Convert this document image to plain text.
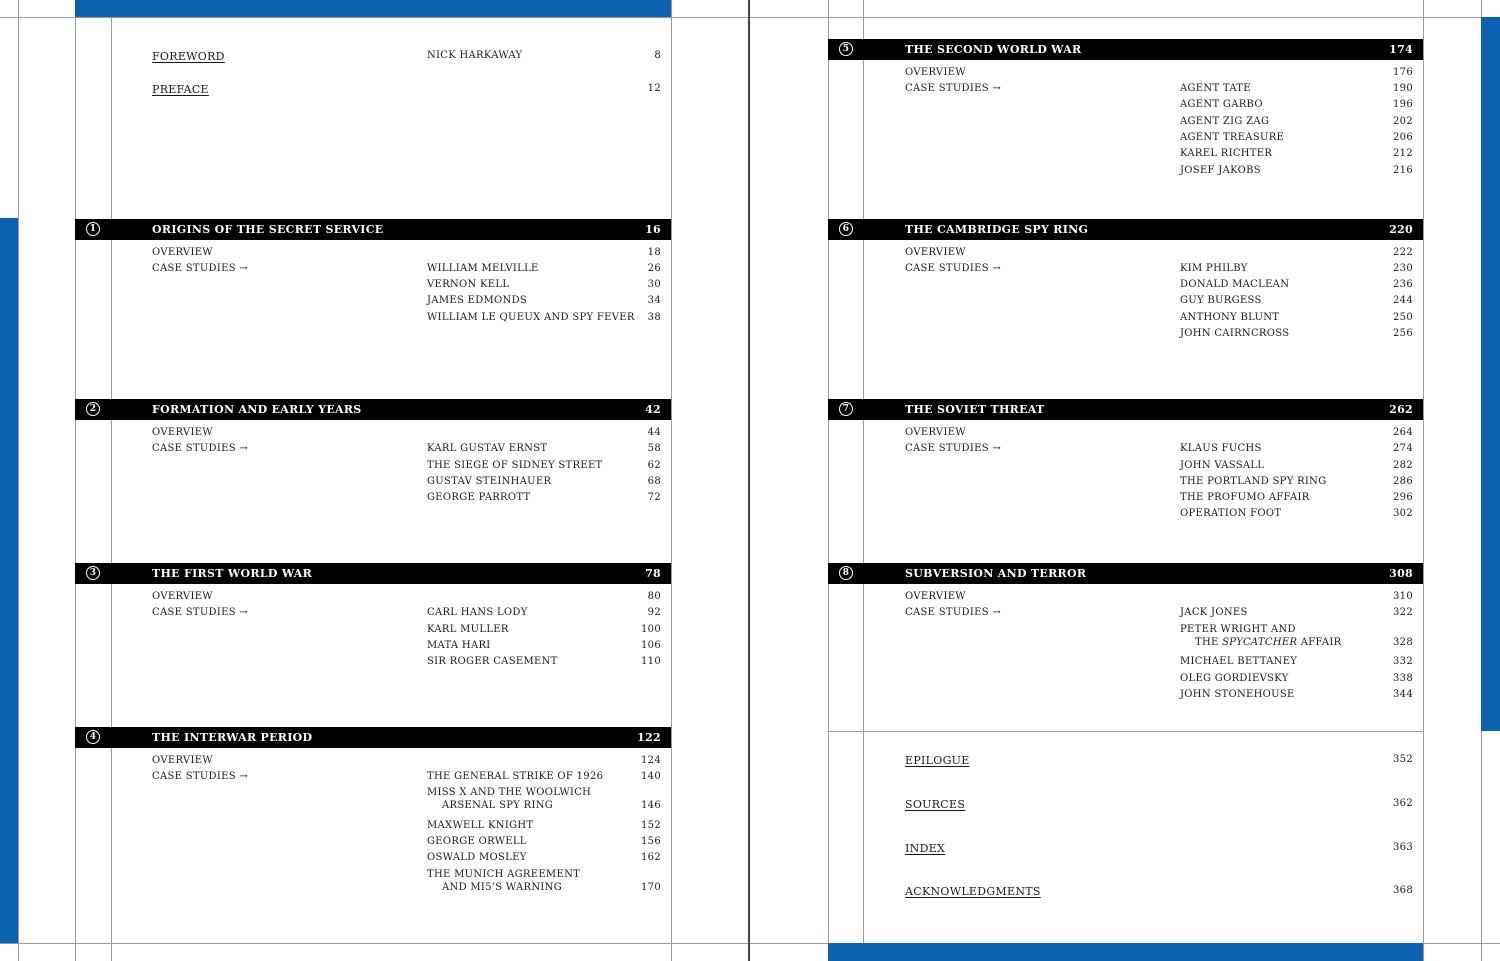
FOREWORD	NICK HARKAWAY	8
PREFACE	12
1	ORIGINS OF THE SECRET SERVICE	16
OVERVIEW	18
CASE STUDIES →	WILLIAM MELVILLE	26
VERNON KELL	30
JAMES EDMONDS	34
WILLIAM LE QUEUX AND SPY FEVER 38
2	FORMATION AND EARLY YEARS	42
OVERVIEW	44
CASE STUDIES →	KARL GUSTAV ERNST	58
THE SIEGE OF SIDNEY STREET	62
GUSTAV STEINHAUER	68
GEORGE PARROTT	72
3	THE FIRST WORLD WAR	78
OVERVIEW	80
CASE STUDIES →	CARL HANS LODY	92
KARL MULLER	100
MATA HARI	106
SIR ROGER CASEMENT	110
4	THE INTERWAR PERIOD	122
OVERVIEW	124
CASE STUDIES →	THE GENERAL STRIKE OF 1926	140
MISS X AND THE WOOLWICH
ARSENAL SPY RING	146
MAXWELL KNIGHT	152
GEORGE ORWELL	156
OSWALD MOSLEY	162
THE MUNICH AGREEMENT
AND MI5’S WARNING	170
5	THE SECOND WORLD WAR	174
OVERVIEW	176
CASE STUDIES →	AGENT TATE	190
AGENT GARBO	196
AGENT ZIG ZAG	202
AGENT TREASURE	206
KAREL RICHTER	212
JOSEF JAKOBS	216
6	THE CAMBRIDGE SPY RING	220
OVERVIEW	222
CASE STUDIES →	KIM PHILBY	230
DONALD MACLEAN	236
GUY BURGESS	244
ANTHONY BLUNT	250
JOHN CAIRNCROSS	256
7	THE SOVIET THREAT	262
OVERVIEW	264
CASE STUDIES →	KLAUS FUCHS	274
JOHN VASSALL	282
THE PORTLAND SPY RING	286
THE PROFUMO AFFAIR	296
OPERATION FOOT	302
8	SUBVERSION AND TERROR	308
OVERVIEW	310
CASE STUDIES →	JACK JONES	322
PETER WRIGHT AND
THE SPYCATCHER AFFAIR	328
MICHAEL BETTANEY	332
OLEG GORDIEVSKY	338
JOHN STONEHOUSE	344
EPILOGUE	352
SOURCES	362
INDEX	363
ACKNOWLEDGMENTS	368
